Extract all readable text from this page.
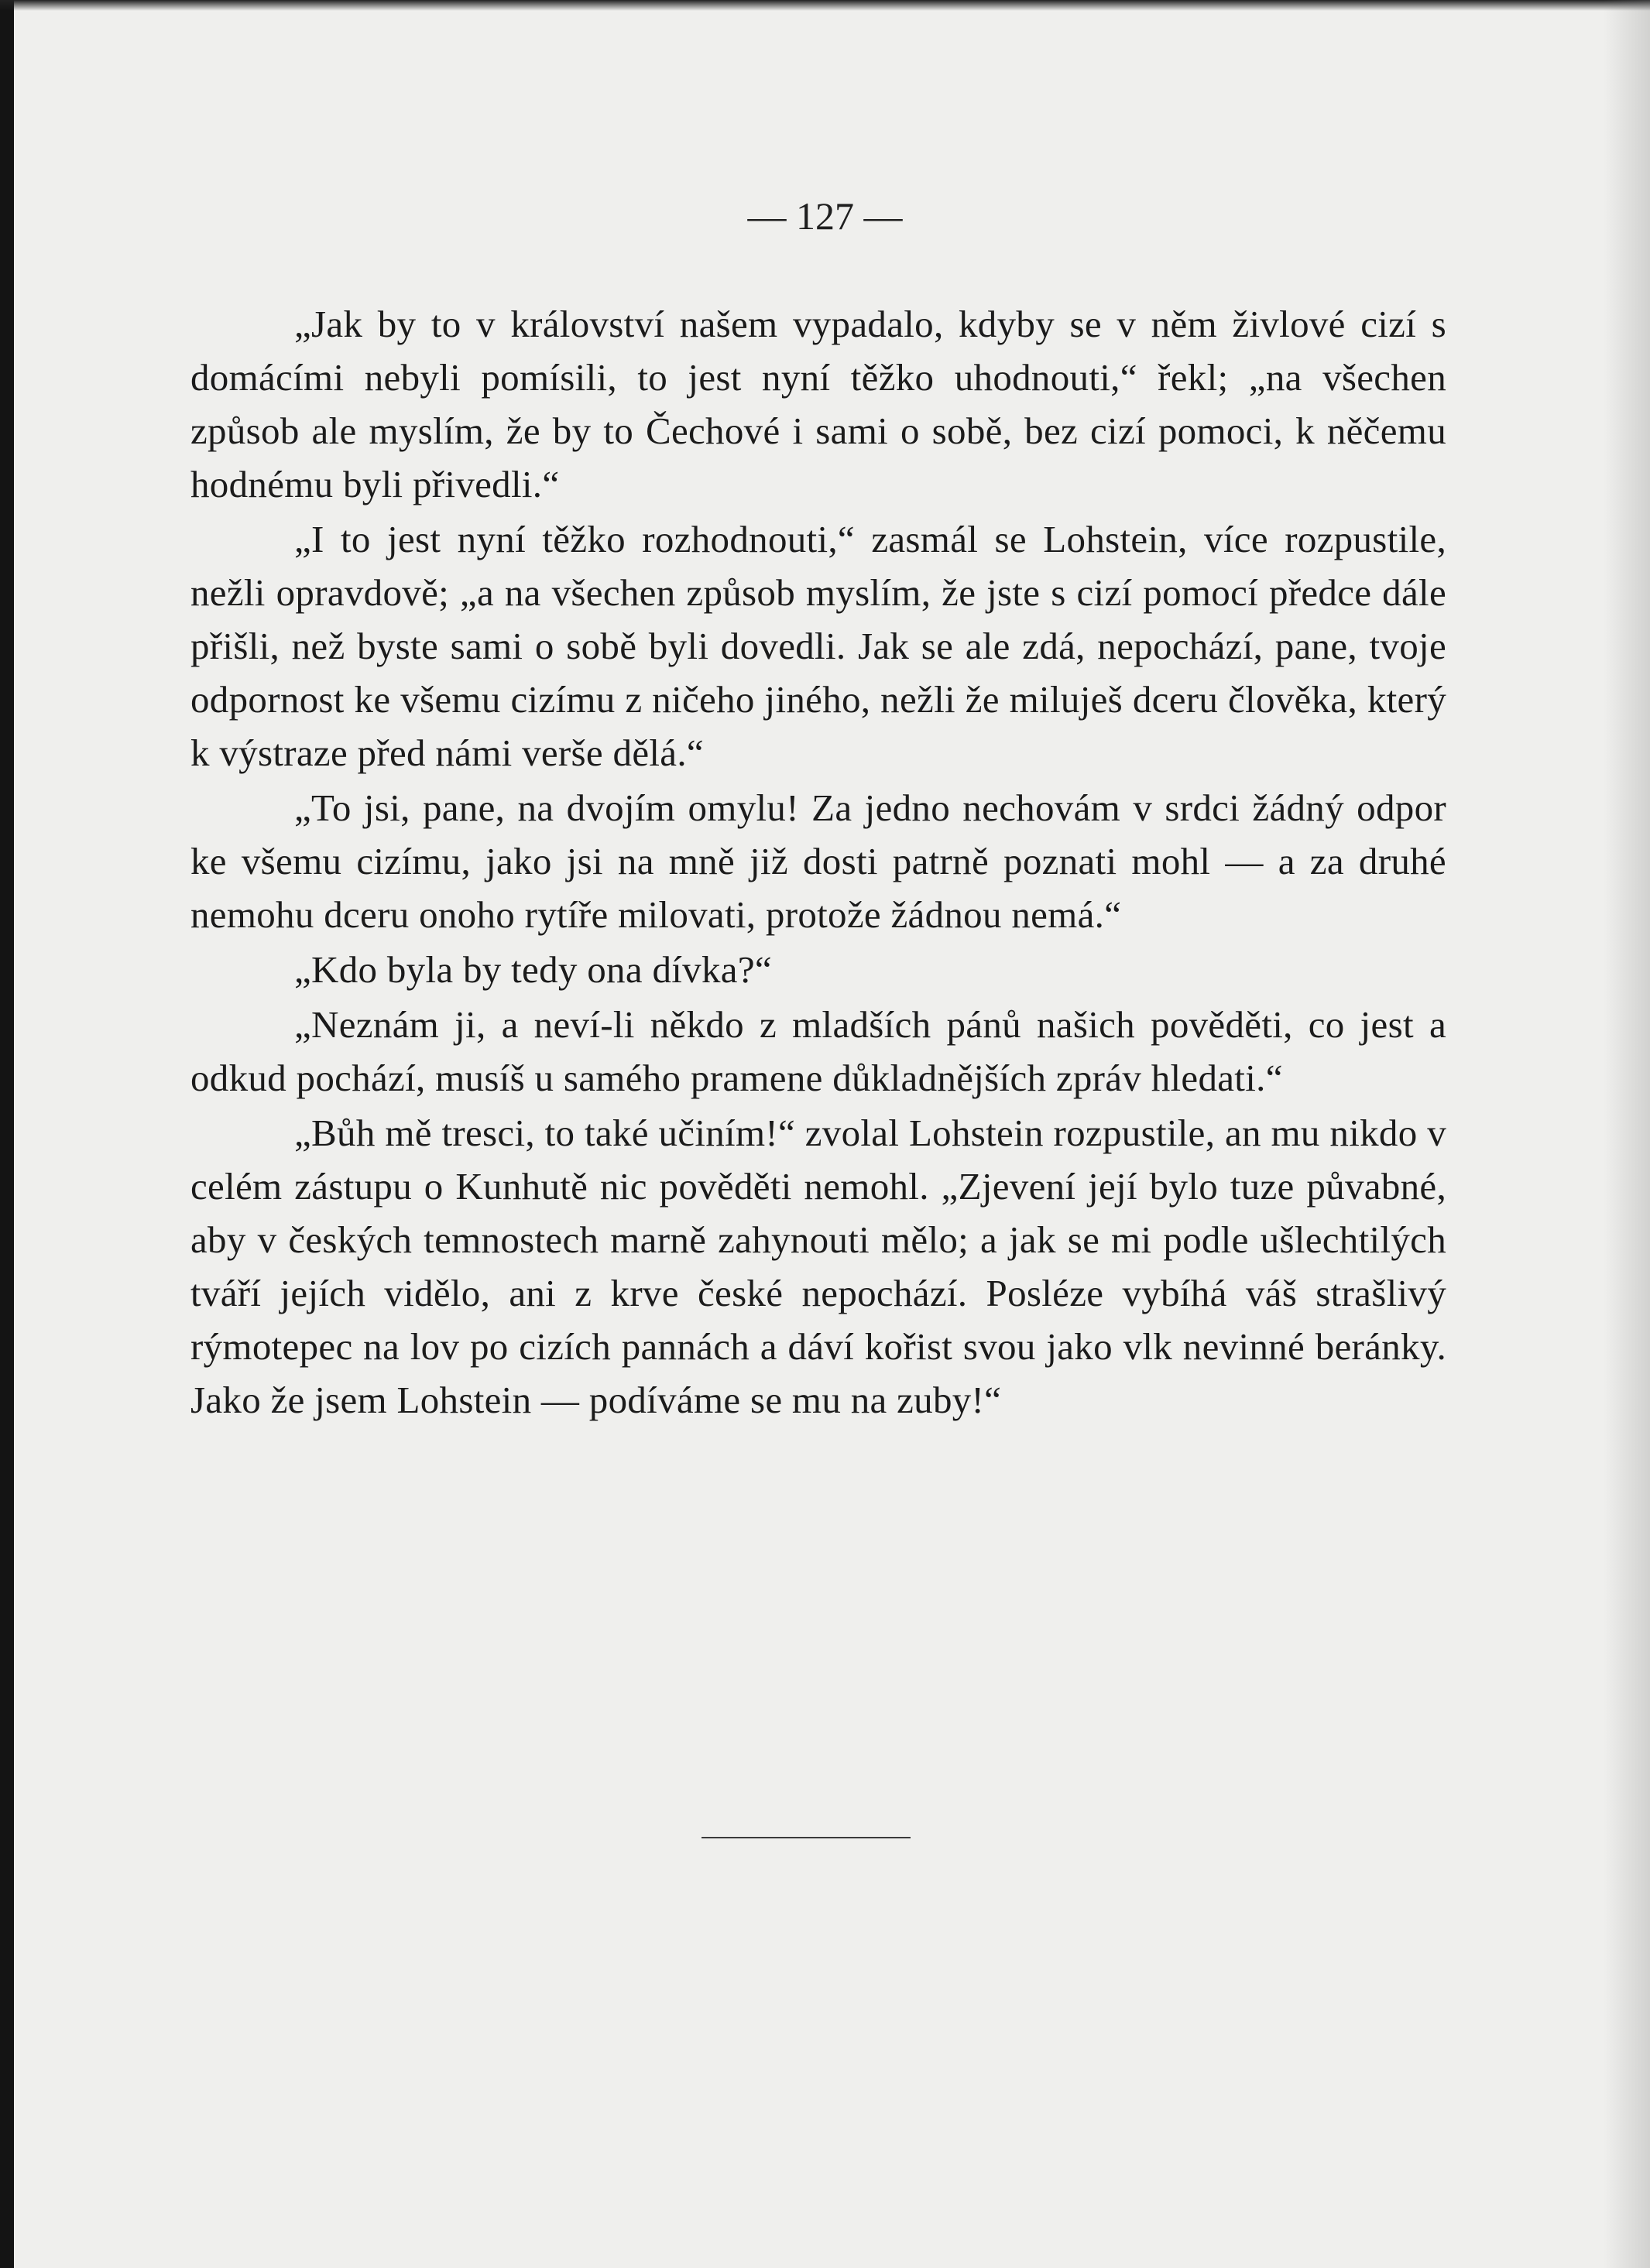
— 127 —

„Jak by to v království našem vypadalo, kdyby se v něm živlové cizí s domácími nebyli pomísili, to jest nyní těžko uhodnouti,“ řekl; „na všechen způsob ale myslím, že by to Čechové i sami o sobě, bez cizí pomoci, k něčemu hodnému byli přivedli.“

„I to jest nyní těžko rozhodnouti,“ zasmál se Lohstein, více rozpustile, nežli opravdově; „a na všechen způsob myslím, že jste s cizí pomocí předce dále přišli, než byste sami o sobě byli dovedli. Jak se ale zdá, nepochází, pane, tvoje odpornost ke všemu cizímu z ničeho jiného, nežli že miluješ dceru člověka, který k výstraze před námi verše dělá.“

„To jsi, pane, na dvojím omylu! Za jedno nechovám v srdci žádný odpor ke všemu cizímu, jako jsi na mně již dosti patrně poznati mohl — a za druhé nemohu dceru onoho rytíře milovati, protože žádnou nemá.“

„Kdo byla by tedy ona dívka?“

„Neznám ji, a neví-li někdo z mladších pánů našich pověděti, co jest a odkud pochází, musíš u samého pramene důkladnějších zpráv hledati.“

„Bůh mě tresci, to také učiním!“ zvolal Lohstein rozpustile, an mu nikdo v celém zástupu o Kunhutě nic pověděti nemohl. „Zjevení její bylo tuze půvabné, aby v českých temnostech marně zahynouti mělo; a jak se mi podle ušlechtilých tváří jejích vidělo, ani z krve české nepochází. Posléze vybíhá váš strašlivý rýmotepec na lov po cizích pannách a dáví kořist svou jako vlk nevinné beránky. Jako že jsem Lohstein — podíváme se mu na zuby!“
